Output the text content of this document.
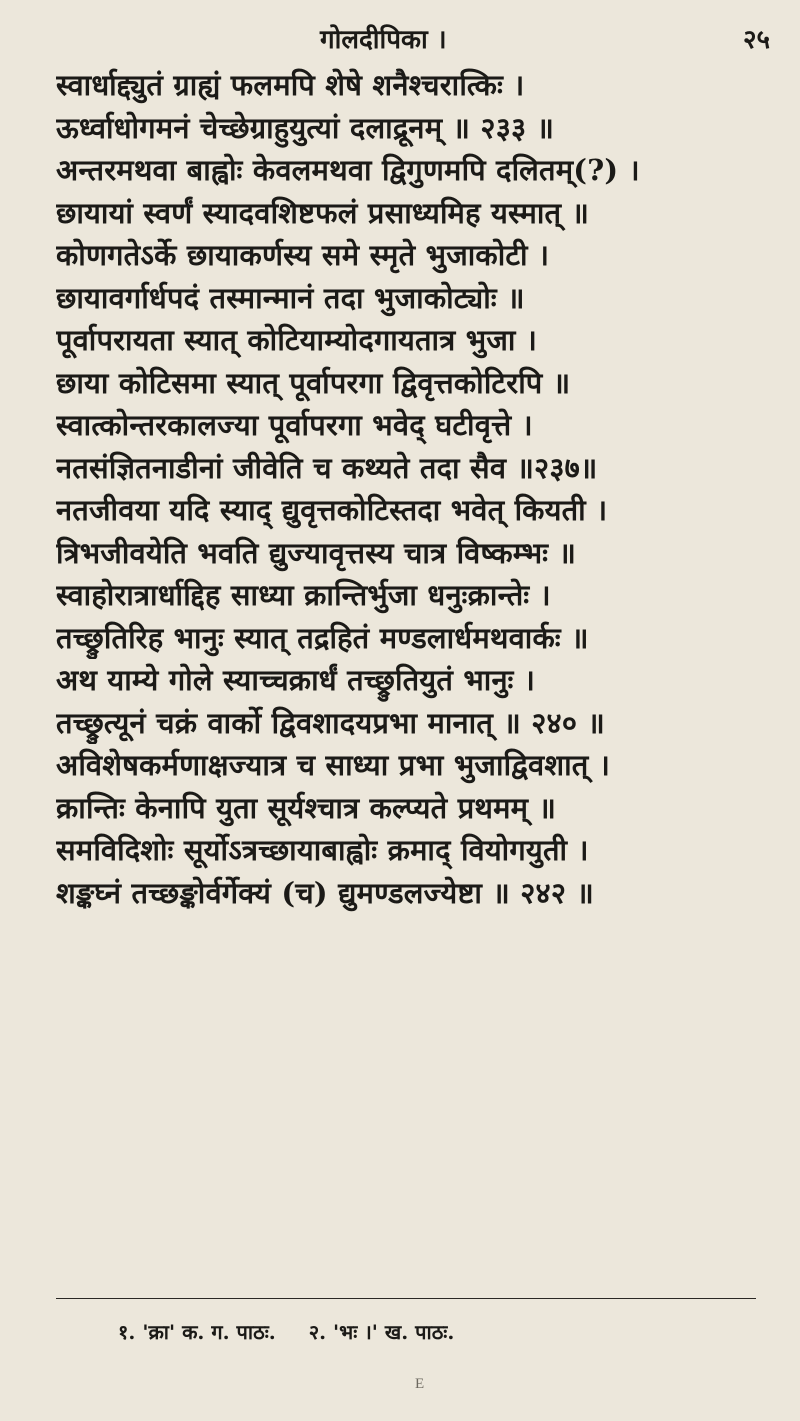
गोलदीपिका ।	२५
स्वार्धाद्द्युतं ग्राह्यं फलमपि शेषे शनैश्चरात्किः ।
ऊर्ध्वाधोगमनं चेच्छेग्राहुयुत्यां दलाद्रूनम् ॥ २३३ ॥
अन्तरमथवा बाह्वोः केवलमथवा द्विगुणमपि दलितम्(?) ।
छायायां स्वर्णं स्यादवशिष्टफलं प्रसाध्यमिह यस्मात् ॥
कोणगतेऽर्के छायाकर्णस्य समे स्मृते भुजाकोटी ।
छायावर्गार्धपदं तस्मान्मानं तदा भुजाकोट्योः ॥
पूर्वापरायता स्यात् कोटियाम्योदगायतात्र भुजा ।
छाया कोटिसमा स्यात् पूर्वापरगा द्विवृत्तकोटिरपि ॥
स्वात्कोन्तरकालज्या पूर्वापरगा भवेद् घटीवृत्ते ।
नतसंज्ञितनाडीनां जीवेति च कथ्यते तदा सैव ॥२३७॥
नतजीवया यदि स्याद् द्युवृत्तकोटिस्तदा भवेत् कियती ।
त्रिभजीवयेति भवति द्युज्यावृत्तस्य चात्र विष्कम्भः ॥
स्वाहोरात्रार्धाद्दिह साध्या क्रान्तिर्भुजा धनुःक्रान्तेः ।
तच्छ्रुतिरिह भानुः स्यात् तद्रहितं मण्डलार्धमथवार्कः ॥
अथ याम्ये गोले स्याच्चक्रार्धं तच्छ्रुतियुतं भानुः ।
तच्छ्रुत्यूनं चक्रं वार्को द्विवशादयप्रभा मानात् ॥ २४० ॥
अविशेषकर्मणाक्षज्यात्र च साध्या प्रभा भुजाद्विवशात् ।
क्रान्तिः केनापि युता सूर्यश्चात्र कल्प्यते प्रथमम् ॥
समविदिशोः सूर्योऽत्रच्छायाबाह्वोः क्रमाद् वियोगयुती ।
शङ्कघ्नं तच्छङ्कोर्वर्गेक्यं (च) द्युमण्डलज्येष्टा ॥ २४२ ॥
१. 'क्रा' क. ग. पाठः. २. 'भः ।' ख. पाठः.
E
